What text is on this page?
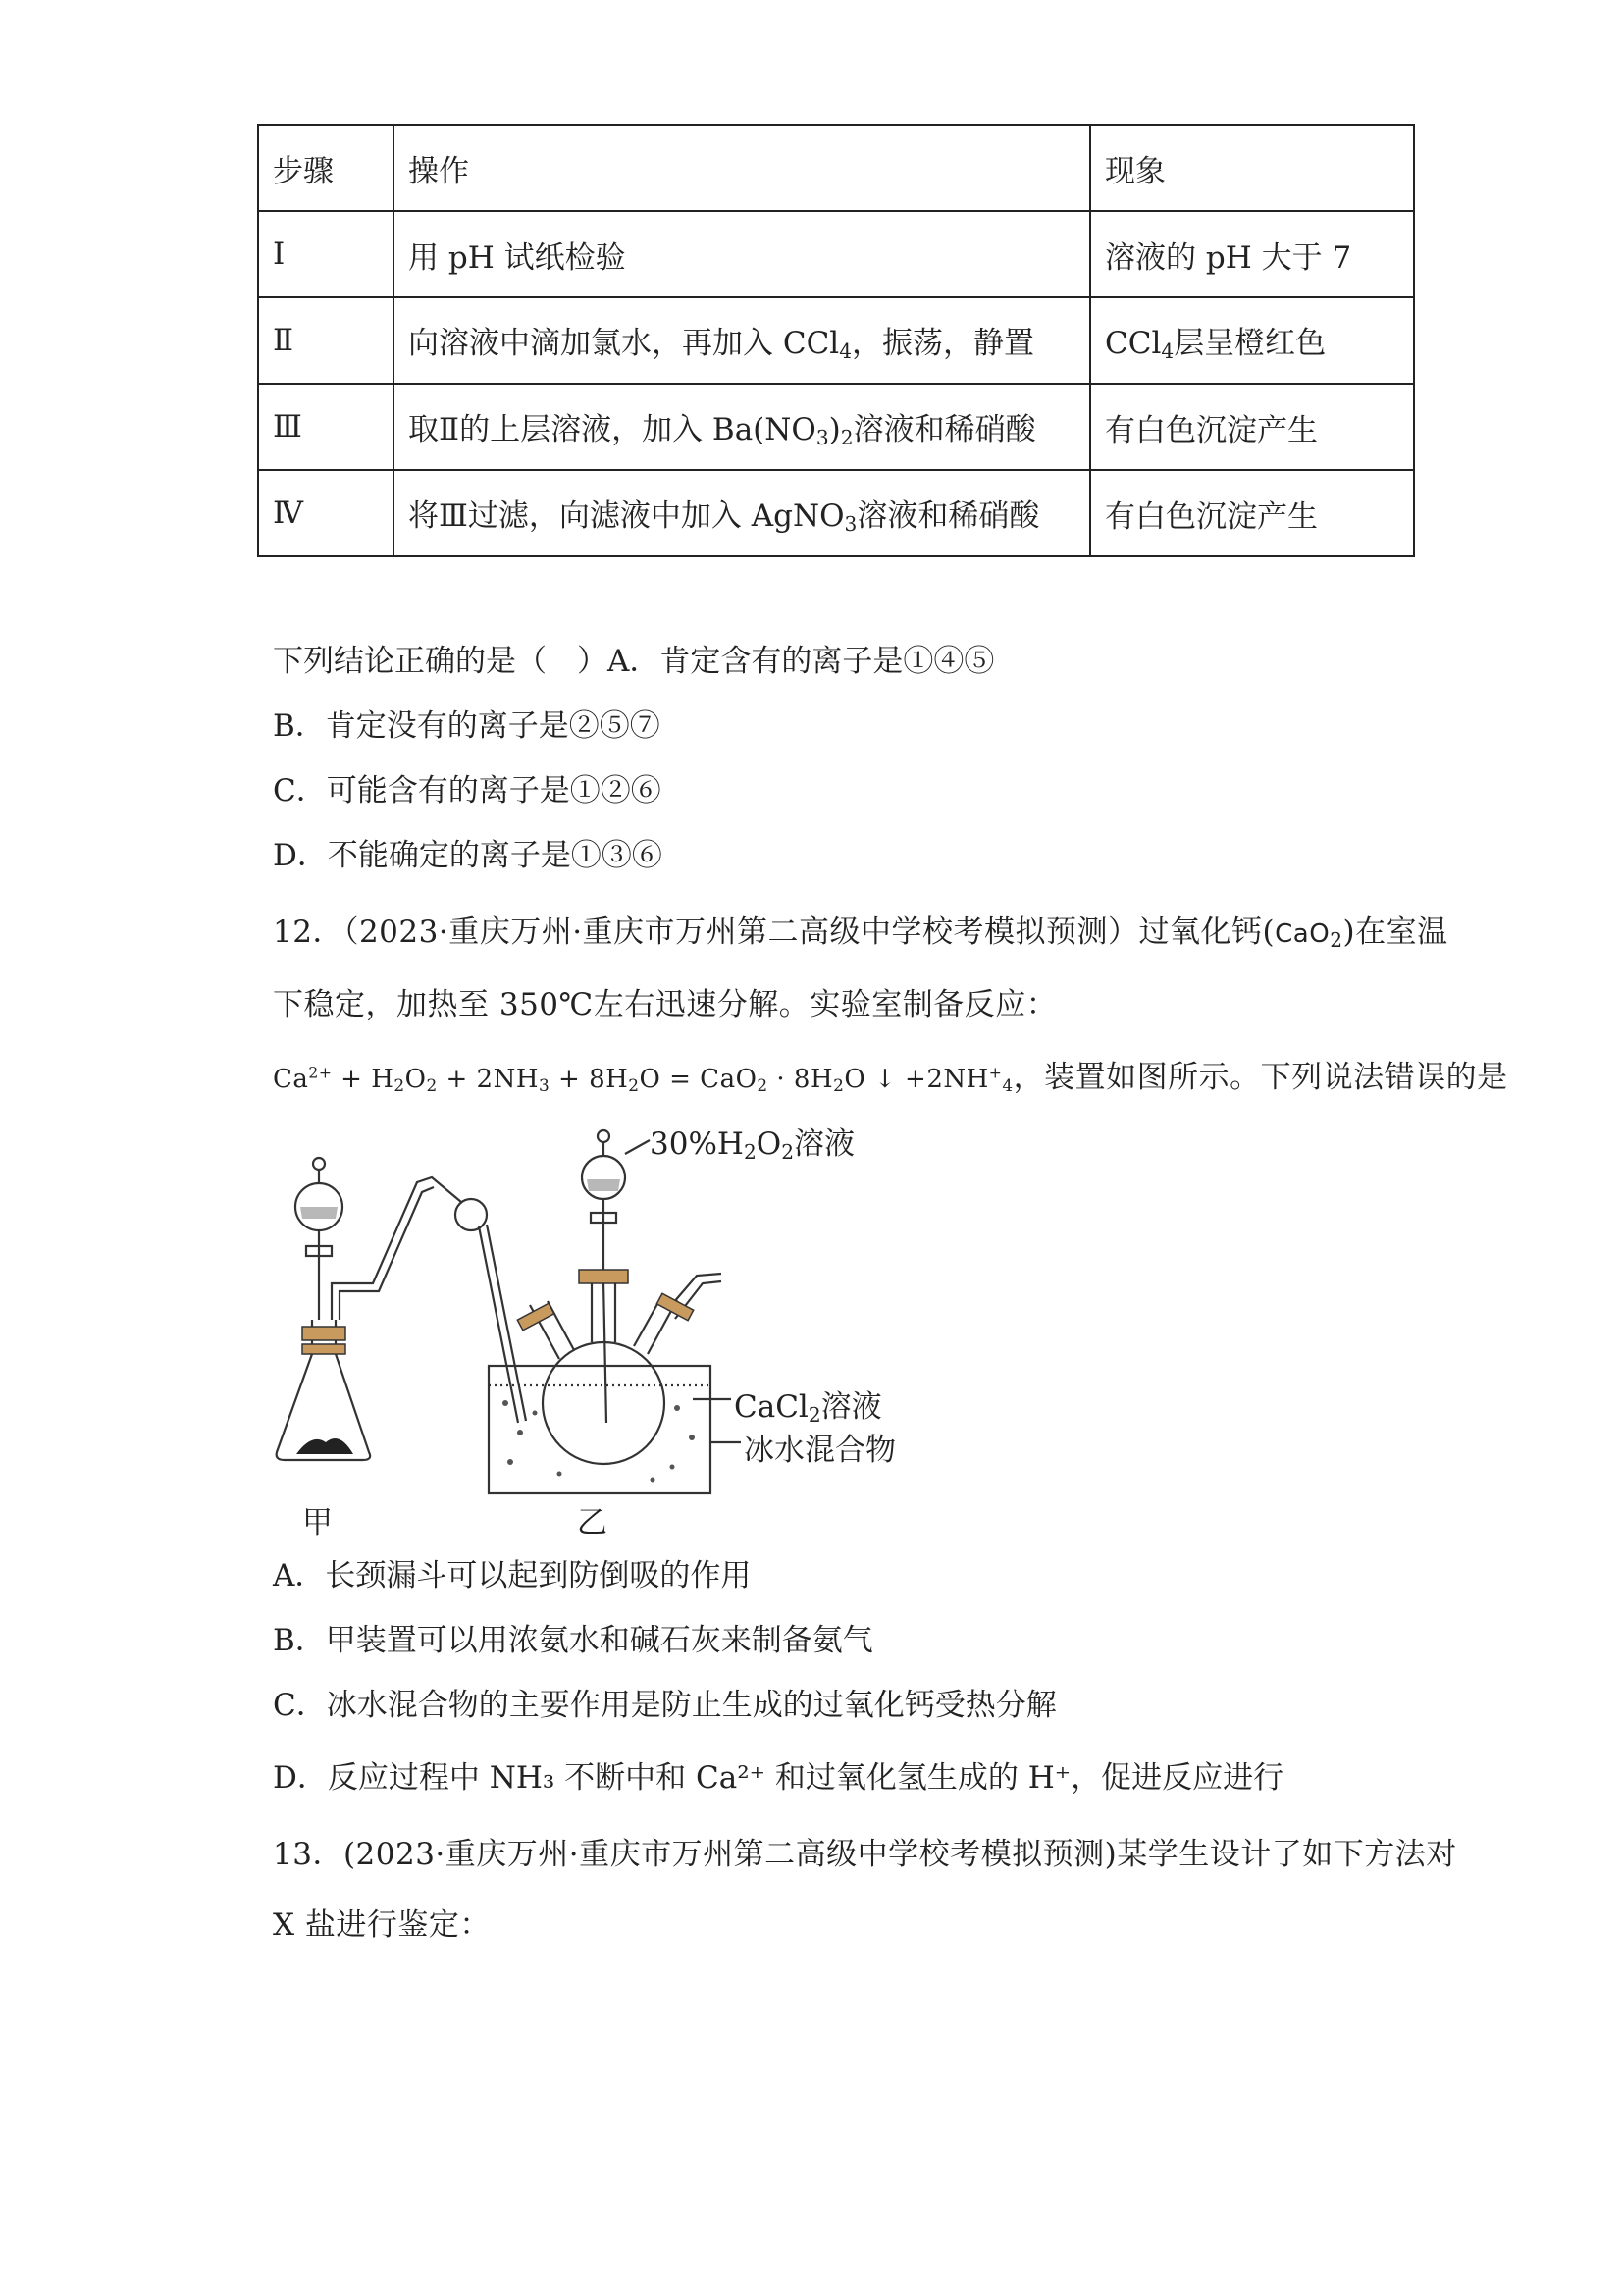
步骤	操作	现象
Ⅰ	用 pH 试纸检验	溶液的 pH 大于 7
Ⅱ	向溶液中滴加氯水，再加入 CCl$_4$，振荡，静置	CCl$_4$层呈橙红色
Ⅲ	取Ⅱ的上层溶液，加入 $Ba(NO_3)_2$溶液和稀硝酸	有白色沉淀产生
Ⅳ	将Ⅲ过滤，向滤液中加入 AgNO$_3$溶液和稀硝酸	有白色沉淀产生
下列结论正确的是（　）A．肯定含有的离子是①④⑤
B．肯定没有的离子是②⑤⑦
C．可能含有的离子是①②⑥
D．不能确定的离子是①③⑥
12．（2023·重庆万州·重庆市万州第二高级中学校考模拟预测）过氧化钙(CaO$_2$)在室温
下稳定，加热至 350℃左右迅速分解。实验室制备反应：
$Ca^{2+} + H_2O_2 + 2NH_3 + 8H_2O = CaO_2 \cdot 8H_2O$ ↓ $+2NH^+_4$，装置如图所示。下列说法错误的是
$30\%H_2O_2$溶液
CaCl$_2$溶液
冰水混合物
甲	乙
A．长颈漏斗可以起到防倒吸的作用
B．甲装置可以用浓氨水和碱石灰来制备氨气
C．冰水混合物的主要作用是防止生成的过氧化钙受热分解
D．反应过程中 NH₃ 不断中和 Ca²⁺ 和过氧化氢生成的 H⁺，促进反应进行
13．(2023·重庆万州·重庆市万州第二高级中学校考模拟预测)某学生设计了如下方法对
X 盐进行鉴定：
